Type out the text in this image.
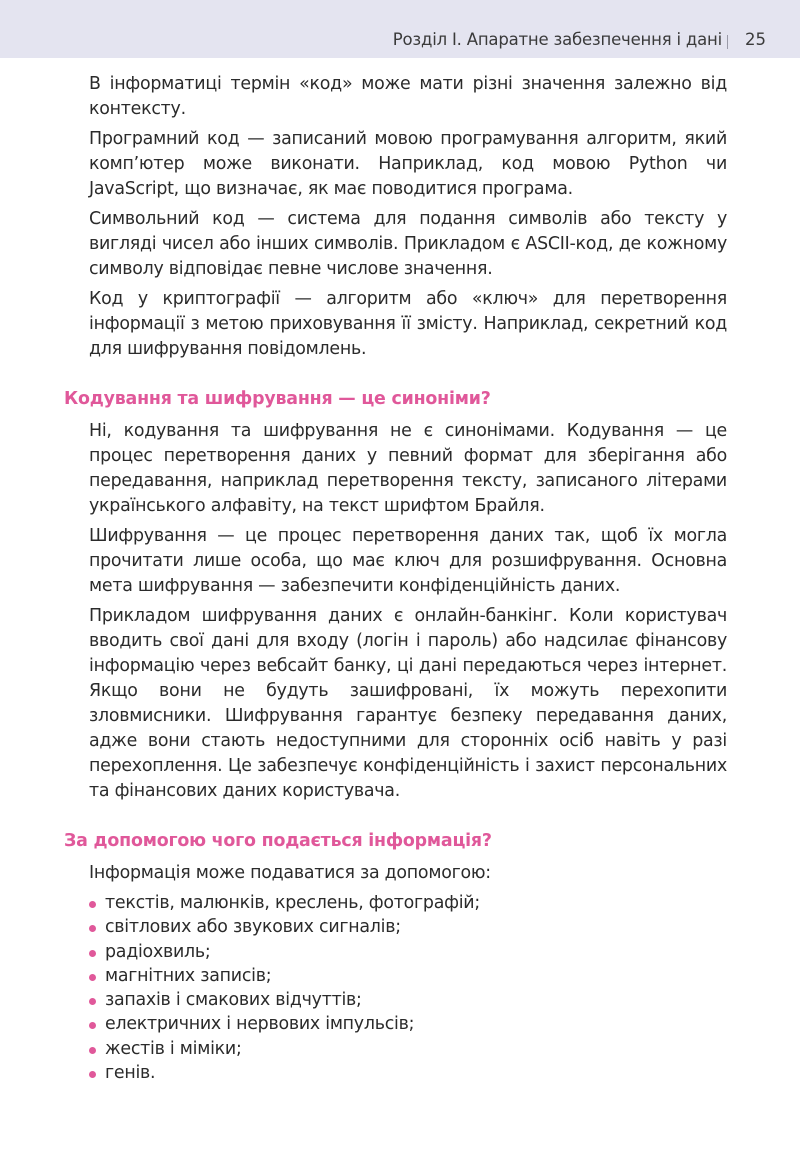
Розділ I. Апаратне забезпечення і дані 25

В інформатиці термін «код» може мати різні значення залежно від контексту.

Програмний код — записаний мовою програмування алгоритм, який комп’ютер може виконати. Наприклад, код мовою Python чи JavaScript, що визначає, як має поводитися програма.

Символьний код — система для подання символів або тексту у вигляді чисел або інших символів. Прикладом є ASCII-код, де кожному символу відповідає певне числове значення.

Код у криптографії — алгоритм або «ключ» для перетворення інформації з метою приховування її змісту. Наприклад, секретний код для шифрування повідомлень.

Кодування та шифрування — це синоніми?

Ні, кодування та шифрування не є синонімами. Кодування — це процес перетворення даних у певний формат для зберігання або передавання, наприклад перетворення тексту, записаного літерами українського алфавіту, на текст шрифтом Брайля.

Шифрування — це процес перетворення даних так, щоб їх могла прочитати лише особа, що має ключ для розшифрування. Основна мета шифрування — забезпечити конфіденційність даних.

Прикладом шифрування даних є онлайн-банкінг. Коли користувач вводить свої дані для входу (логін і пароль) або надсилає фінансову інформацію через вебсайт банку, ці дані передаються через інтернет. Якщо вони не будуть зашифровані, їх можуть перехопити зловмисники. Шифрування гарантує безпеку передавання даних, адже вони стають недоступними для сторонніх осіб навіть у разі перехоплення. Це забезпечує конфіденційність і захист персональних та фінансових даних користувача.

За допомогою чого подається інформація?

Інформація може подаватися за допомогою:

текстів, малюнків, креслень, фотографій;
світлових або звукових сигналів;
радіохвиль;
магнітних записів;
запахів і смакових відчуттів;
електричних і нервових імпульсів;
жестів і міміки;
генів.
